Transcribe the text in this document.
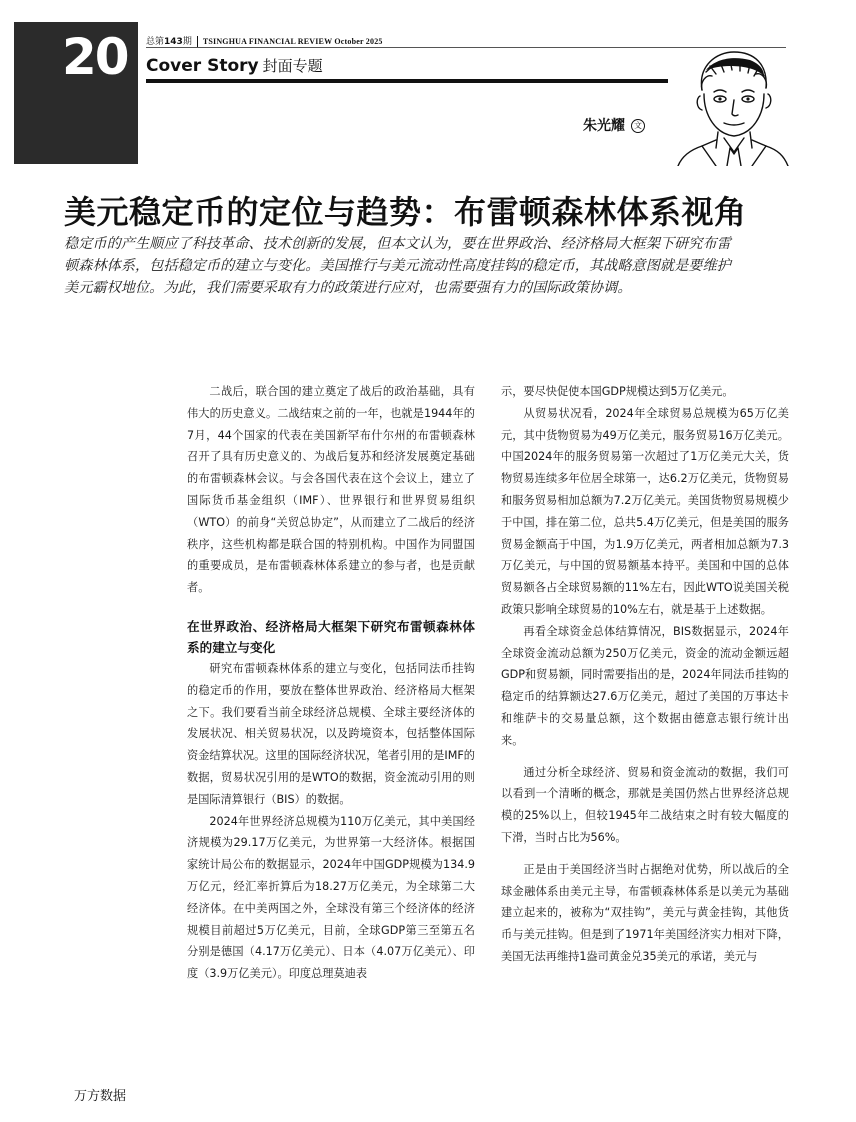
20 总第143期 TSINGHUA FINANCIAL REVIEW October 2025
Cover Story 封面专题
朱光耀 文
美元稳定币的定位与趋势：布雷顿森林体系视角

稳定币的产生顺应了科技革命、技术创新的发展，但本文认为，要在世界政治、经济格局大框架下研究布雷

顿森林体系，包括稳定币的建立与变化。美国推行与美元流动性高度挂钩的稳定币，其战略意图就是要维护

美元霸权地位。为此，我们需要采取有力的政策进行应对，也需要强有力的国际政策协调。

二战后，联合国的建立奠定了战后的政治基础，具有伟大的历史意义。二战结束之前的一年，也就是1944年的7月，44个国家的代表在美国新罕布什尔州的布雷顿森林召开了具有历史意义的、为战后复苏和经济发展奠定基础的布雷顿森林会议。与会各国代表在这个会议上，建立了国际货币基金组织（IMF）、世界银行和世界贸易组织（WTO）的前身“关贸总协定”，从而建立了二战后的经济秩序，这些机构都是联合国的特别机构。中国作为同盟国的重要成员，是布雷顿森林体系建立的参与者，也是贡献者。

在世界政治、经济格局大框架下研究布雷顿森林体系的建立与变化

研究布雷顿森林体系的建立与变化，包括同法币挂钩的稳定币的作用，要放在整体世界政治、经济格局大框架之下。我们要看当前全球经济总规模、全球主要经济体的发展状况、相关贸易状况，以及跨境资本，包括整体国际资金结算状况。这里的国际经济状况，笔者引用的是IMF的数据，贸易状况引用的是WTO的数据，资金流动引用的则是国际清算银行（BIS）的数据。

2024年世界经济总规模为110万亿美元，其中美国经济规模为29.17万亿美元，为世界第一大经济体。根据国家统计局公布的数据显示，2024年中国GDP规模为134.9万亿元，经汇率折算后为18.27万亿美元，为全球第二大经济体。在中美两国之外，全球没有第三个经济体的经济规模目前超过5万亿美元，目前，全球GDP第三至第五名分别是德国（4.17万亿美元）、日本（4.07万亿美元）、印度（3.9万亿美元）。印度总理莫迪表

示，要尽快促使本国GDP规模达到5万亿美元。

从贸易状况看，2024年全球贸易总规模为65万亿美元，其中货物贸易为49万亿美元，服务贸易16万亿美元。中国2024年的服务贸易第一次超过了1万亿美元大关，货物贸易连续多年位居全球第一，达6.2万亿美元，货物贸易和服务贸易相加总额为7.2万亿美元。美国货物贸易规模少于中国，排在第二位，总共5.4万亿美元，但是美国的服务贸易金额高于中国，为1.9万亿美元，两者相加总额为7.3万亿美元，与中国的贸易额基本持平。美国和中国的总体贸易额各占全球贸易额的11%左右，因此WTO说美国关税政策只影响全球贸易的10%左右，就是基于上述数据。

再看全球资金总体结算情况，BIS数据显示，2024年全球资金流动总额为250万亿美元，资金的流动金额远超GDP和贸易额，同时需要指出的是，2024年同法币挂钩的稳定币的结算额达27.6万亿美元，超过了美国的万事达卡和维萨卡的交易量总额，这个数据由德意志银行统计出来。

通过分析全球经济、贸易和资金流动的数据，我们可以看到一个清晰的概念，那就是美国仍然占世界经济总规模的25%以上，但较1945年二战结束之时有较大幅度的下滑，当时占比为56%。

正是由于美国经济当时占据绝对优势，所以战后的全球金融体系由美元主导，布雷顿森林体系是以美元为基础建立起来的，被称为“双挂钩”，美元与黄金挂钩，其他货币与美元挂钩。但是到了1971年美国经济实力相对下降，美国无法再维持1盎司黄金兑35美元的承诺，美元与

万方数据
